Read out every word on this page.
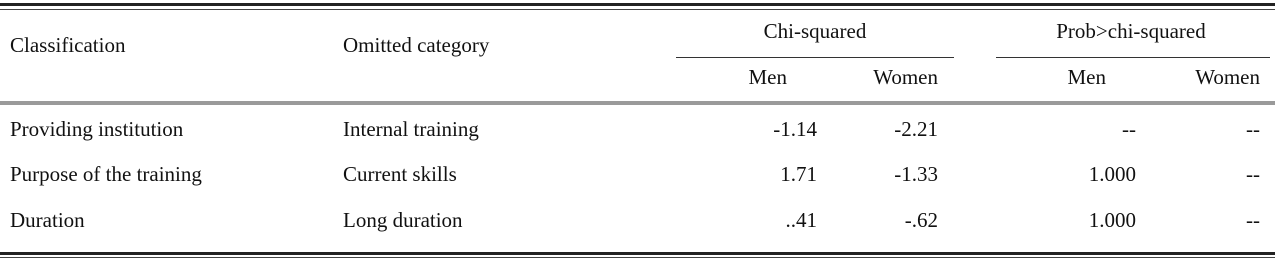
Classification	Omitted category
Chi-squared	Prob>chi-squared
Men	Women	Men	Women
Providing institution	Internal training	-1.14	-2.21	--	--
Purpose of the training	Current skills	1.71	-1.33	1.000	--
Duration	Long duration	..41	-.62	1.000	--
